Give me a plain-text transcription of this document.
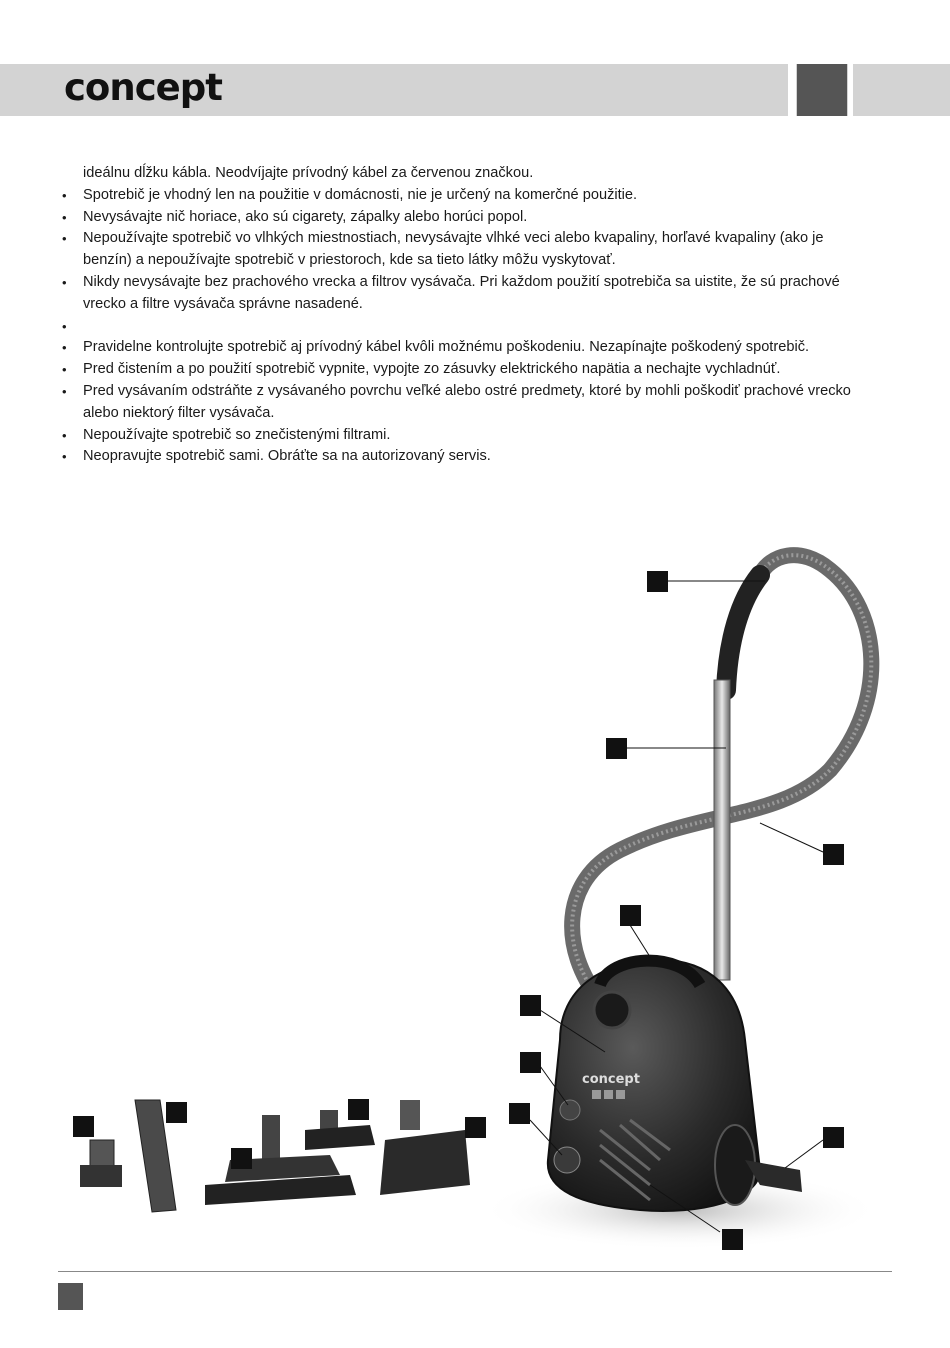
concept
ideálnu dĺžku kábla. Neodvíjajte prívodný kábel za červenou značkou.
• Spotrebič je vhodný len na použitie v domácnosti, nie je určený na komerčné použitie.
• Nevysávajte nič horiace, ako sú cigarety, zápalky alebo horúci popol.
• Nepoužívajte spotrebič vo vlhkých miestnostiach, nevysávajte vlhké veci alebo kvapaliny, horľavé kvapaliny (ako je
benzín) a nepoužívajte spotrebič v priestoroch, kde sa tieto látky môžu vyskytovať.
• Nikdy nevysávajte bez prachového vrecka a filtrov vysávača. Pri každom použití spotrebiča sa uistite, že sú prachové
vrecko a filtre vysávača správne nasadené.
•
• Pravidelne kontrolujte spotrebič aj prívodný kábel kvôli možnému poškodeniu. Nezapínajte poškodený spotrebič.
• Pred čistením a po použití spotrebič vypnite, vypojte zo zásuvky elektrického napätia a nechajte vychladnúť.
• Pred vysávaním odstráňte z vysávaného povrchu veľké alebo ostré predmety, ktoré by mohli poškodiť prachové vrecko
alebo niektorý filter vysávača.
• Nepoužívajte spotrebič so znečistenými filtrami.
• Neopravujte spotrebič sami. Obráťte sa na autorizovaný servis.
concept
